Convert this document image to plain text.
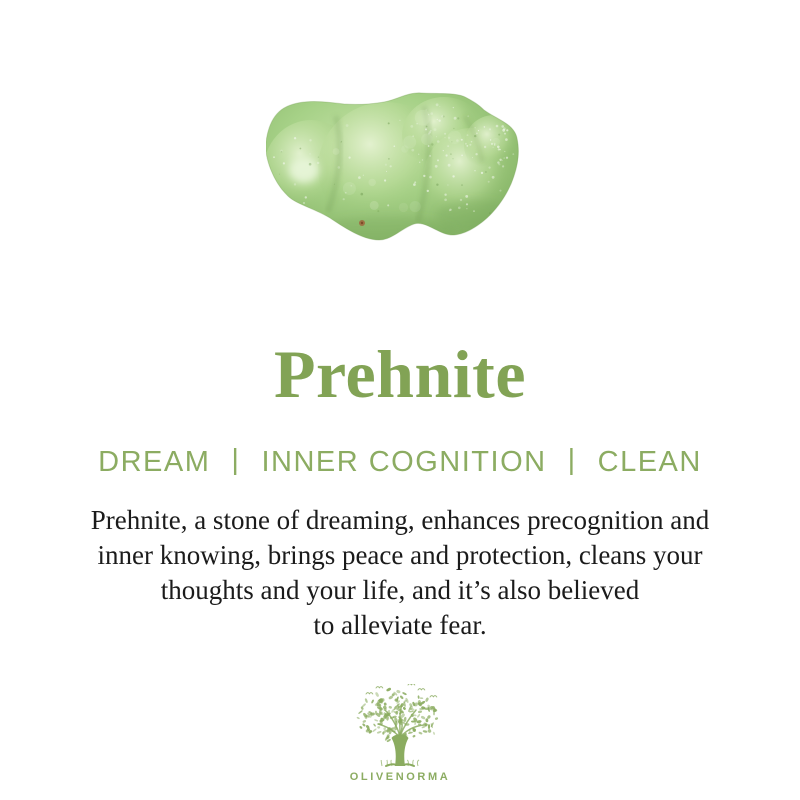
Prehnite
DREAM | INNER COGNITION | CLEAN
Prehnite, a stone of dreaming, enhances precognition and
inner knowing, brings peace and protection, cleans your
thoughts and your life, and it’s also believed
to alleviate fear.
OLIVENORMA
